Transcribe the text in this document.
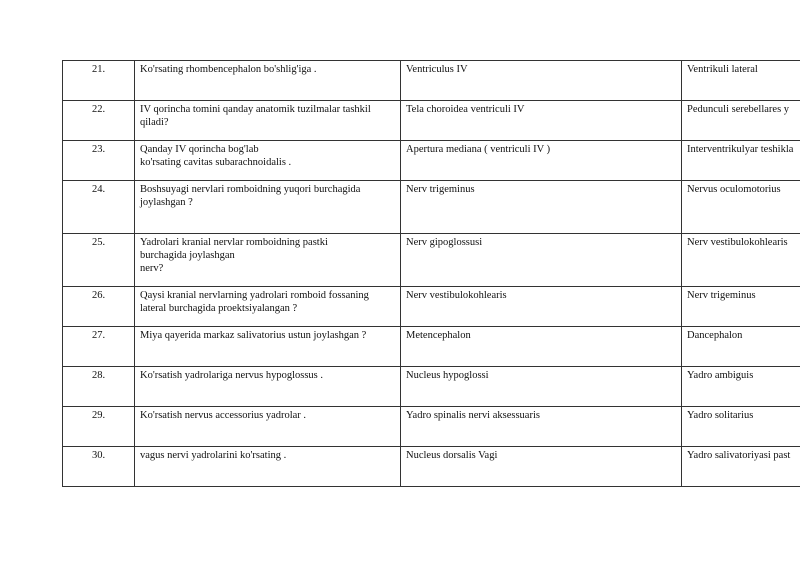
21.	Ko'rsating rhombencephalon bo'shlig'iga .	Ventriculus IV	Ventrikuli lateral
22.	IV qorincha tomini qanday anatomik tuzilmalar tashkil
qiladi?	Tela choroidea ventriculi IV	Pedunculi serebellares y
23.	Qanday IV qorincha bog'lab
ko'rsating cavitas subarachnoidalis .	Apertura mediana ( ventriculi IV )	Interventrikulyar teshikla
24.	Boshsuyagi nervlari romboidning yuqori burchagida
joylashgan ?	Nerv trigeminus	Nervus oculomotorius
25.	Yadrolari kranial nervlar romboidning pastki
burchagida joylashgan
nerv?	Nerv gipoglossusi	Nerv vestibulokohlearis
26.	Qaysi kranial nervlarning yadrolari romboid fossaning
lateral burchagida proektsiyalangan ?	Nerv vestibulokohlearis	Nerv trigeminus
27.	Miya qayerida markaz salivatorius ustun joylashgan ?	Metencephalon	Dancephalon
28.	Ko'rsatish yadrolariga nervus hypoglossus .	Nucleus hypoglossi	Yadro ambiguis
29.	Ko'rsatish nervus accessorius yadrolar .	Yadro spinalis nervi aksessuaris	Yadro solitarius
30.	vagus nervi yadrolarini ko'rsating .	Nucleus dorsalis Vagi	Yadro salivatoriyasi past
